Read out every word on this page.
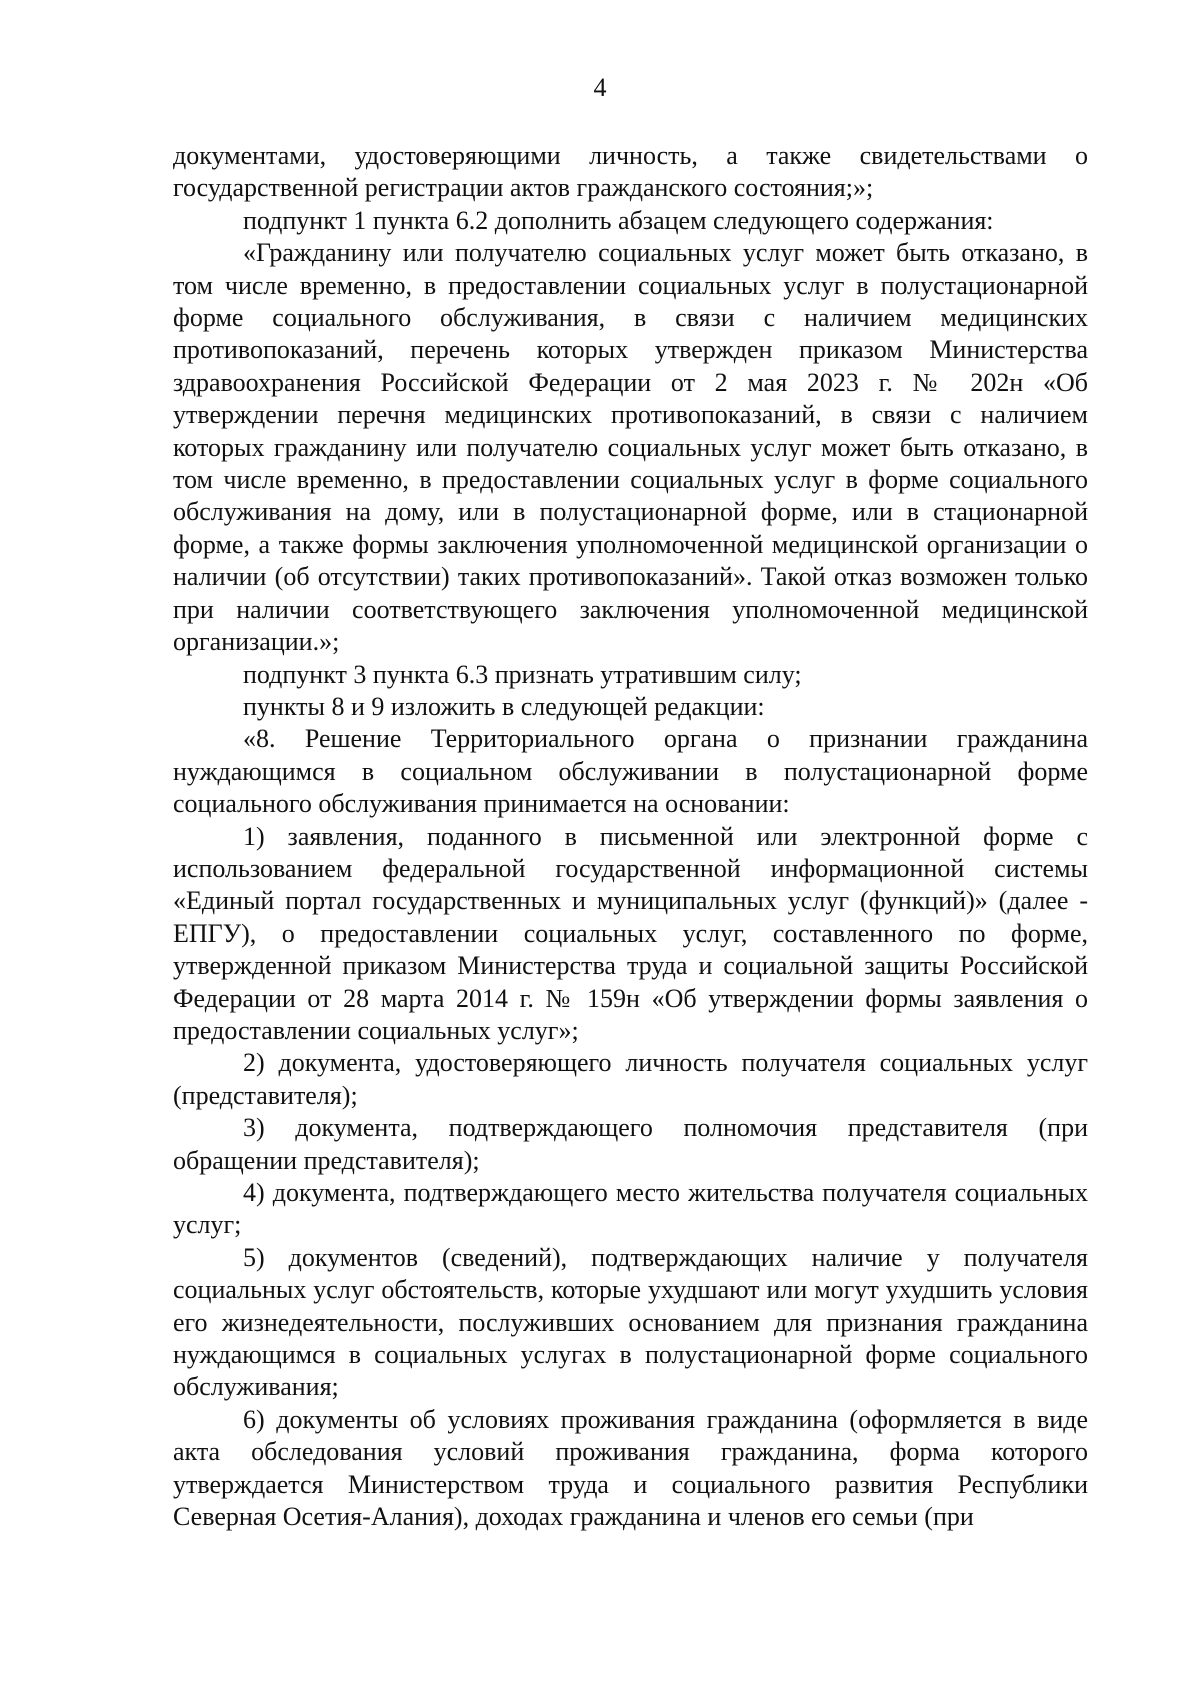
4

документами, удостоверяющими личность, а также свидетельствами о государственной регистрации актов гражданского состояния;»;

подпункт 1 пункта 6.2 дополнить абзацем следующего содержания:

«Гражданину или получателю социальных услуг может быть отказано, в том числе временно, в предоставлении социальных услуг в полустационарной форме социального обслуживания, в связи с наличием медицинских противопоказаний, перечень которых утвержден приказом Министерства здравоохранения Российской Федерации от 2 мая 2023 г. № 202н «Об утверждении перечня медицинских противопоказаний, в связи с наличием которых гражданину или получателю социальных услуг может быть отказано, в том числе временно, в предоставлении социальных услуг в форме социального обслуживания на дому, или в полустационарной форме, или в стационарной форме, а также формы заключения уполномоченной медицинской организации о наличии (об отсутствии) таких противопоказаний». Такой отказ возможен только при наличии соответствующего заключения уполномоченной медицинской организации.»;

подпункт 3 пункта 6.3 признать утратившим силу;

пункты 8 и 9 изложить в следующей редакции:

«8. Решение Территориального органа о признании гражданина нуждающимся в социальном обслуживании в полустационарной форме социального обслуживания принимается на основании:

1) заявления, поданного в письменной или электронной форме с использованием федеральной государственной информационной системы «Единый портал государственных и муниципальных услуг (функций)» (далее - ЕПГУ), о предоставлении социальных услуг, составленного по форме, утвержденной приказом Министерства труда и социальной защиты Российской Федерации от 28 марта 2014 г. № 159н «Об утверждении формы заявления о предоставлении социальных услуг»;

2) документа, удостоверяющего личность получателя социальных услуг (представителя);

3) документа, подтверждающего полномочия представителя (при обращении представителя);

4) документа, подтверждающего место жительства получателя социальных услуг;

5) документов (сведений), подтверждающих наличие у получателя социальных услуг обстоятельств, которые ухудшают или могут ухудшить условия его жизнедеятельности, послуживших основанием для признания гражданина нуждающимся в социальных услугах в полустационарной форме социального обслуживания;

6) документы об условиях проживания гражданина (оформляется в виде акта обследования условий проживания гражданина, форма которого утверждается Министерством труда и социального развития Республики Северная Осетия-Алания), доходах гражданина и членов его семьи (при
